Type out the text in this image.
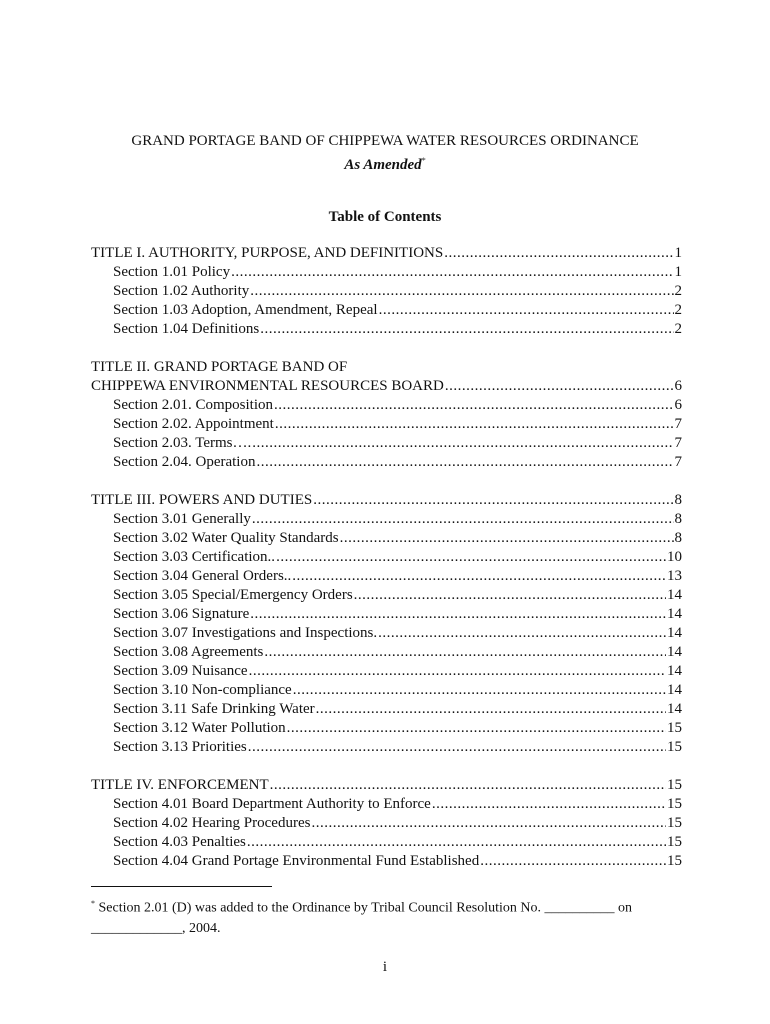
GRAND PORTAGE BAND OF CHIPPEWA WATER RESOURCES ORDINANCE
As Amended*
Table of Contents
TITLE I. AUTHORITY, PURPOSE, AND DEFINITIONS .....	1
Section 1.01 Policy .....	1
Section 1.02 Authority .....	2
Section 1.03 Adoption, Amendment, Repeal .....	2
Section 1.04 Definitions .....	2
TITLE II. GRAND PORTAGE BAND OF
CHIPPEWA ENVIRONMENTAL RESOURCES BOARD .....	6
Section 2.01. Composition .....	6
Section 2.02. Appointment .....	7
Section 2.03. Terms…. .....	7
Section 2.04. Operation .....	7
TITLE III. POWERS AND DUTIES .....	8
Section 3.01 Generally .....	8
Section 3.02 Water Quality Standards .....	8
Section 3.03 Certification.. .....	10
Section 3.04 General Orders.. .....	13
Section 3.05 Special/Emergency Orders .....	14
Section 3.06 Signature .....	14
Section 3.07 Investigations and Inspections. .....	14
Section 3.08 Agreements .....	14
Section 3.09 Nuisance .....	14
Section 3.10 Non-compliance .....	14
Section 3.11 Safe Drinking Water .....	14
Section 3.12 Water Pollution .....	15
Section 3.13 Priorities .....	15
TITLE IV. ENFORCEMENT .....	15
Section 4.01 Board Department Authority to Enforce .....	15
Section 4.02 Hearing Procedures .....	15
Section 4.03 Penalties .....	15
Section 4.04 Grand Portage Environmental Fund Established .....	15
* Section 2.01 (D) was added to the Ordinance by Tribal Council Resolution No. __________ on
_____________, 2004.
i
